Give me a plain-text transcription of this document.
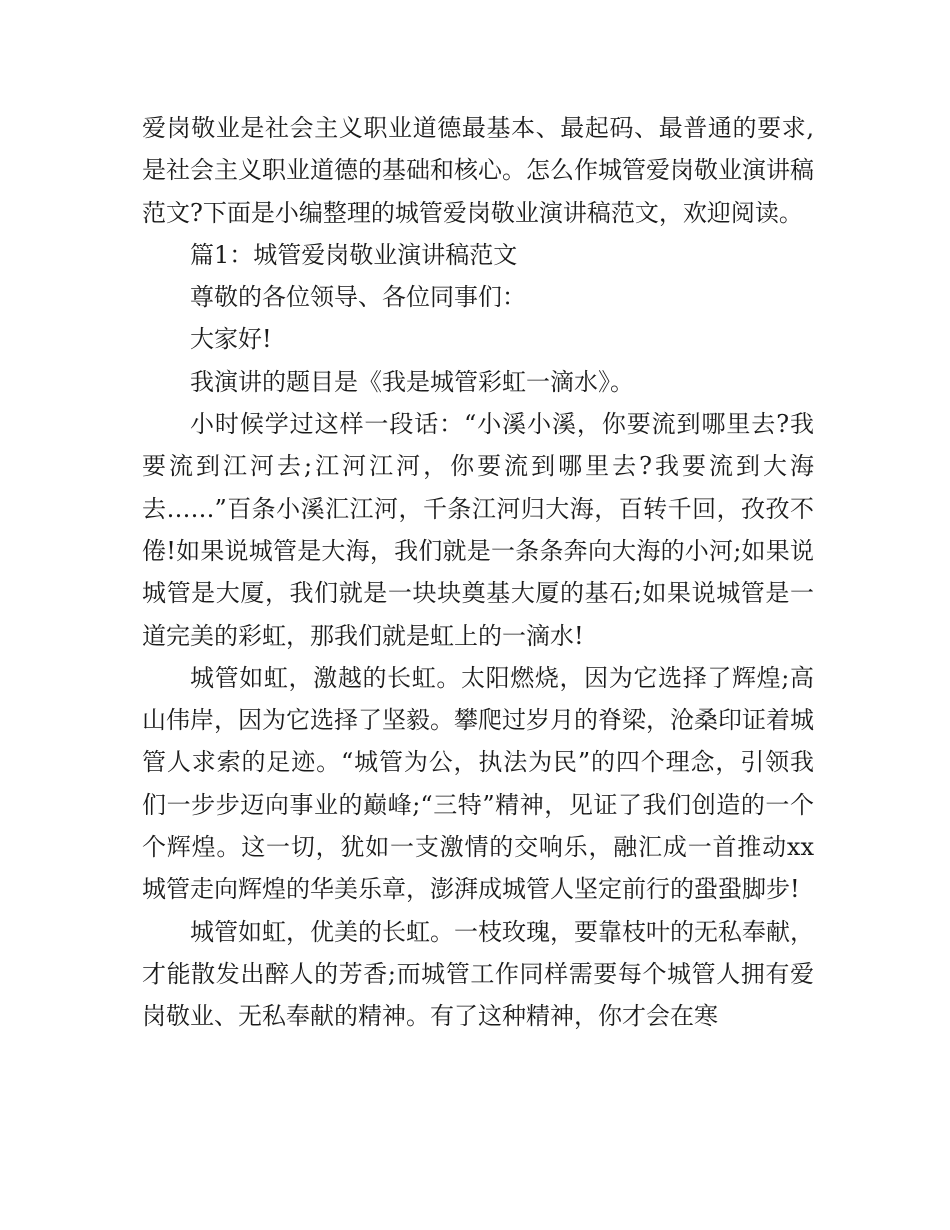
爱岗敬业是社会主义职业道德最基本、最起码、最普通的要求,是社会主义职业道德的基础和核心。怎么作城管爱岗敬业演讲稿范文?下面是小编整理的城管爱岗敬业演讲稿范文，欢迎阅读。

篇1：城管爱岗敬业演讲稿范文

尊敬的各位领导、各位同事们：

大家好!

我演讲的题目是《我是城管彩虹一滴水》。

小时候学过这样一段话：“小溪小溪，你要流到哪里去?我要流到江河去;江河江河，你要流到哪里去?我要流到大海去……”百条小溪汇江河，千条江河归大海，百转千回，孜孜不倦!如果说城管是大海，我们就是一条条奔向大海的小河;如果说城管是大厦，我们就是一块块奠基大厦的基石;如果说城管是一道完美的彩虹，那我们就是虹上的一滴水!

城管如虹，激越的长虹。太阳燃烧，因为它选择了辉煌;高山伟岸，因为它选择了坚毅。攀爬过岁月的脊梁，沧桑印证着城管人求索的足迹。“城管为公，执法为民”的四个理念，引领我们一步步迈向事业的巅峰;“三特”精神，见证了我们创造的一个个辉煌。这一切，犹如一支激情的交响乐，融汇成一首推动xx城管走向辉煌的华美乐章，澎湃成城管人坚定前行的蛩蛩脚步!

城管如虹，优美的长虹。一枝玫瑰，要靠枝叶的无私奉献，才能散发出醉人的芳香;而城管工作同样需要每个城管人拥有爱岗敬业、无私奉献的精神。有了这种精神，你才会在寒
